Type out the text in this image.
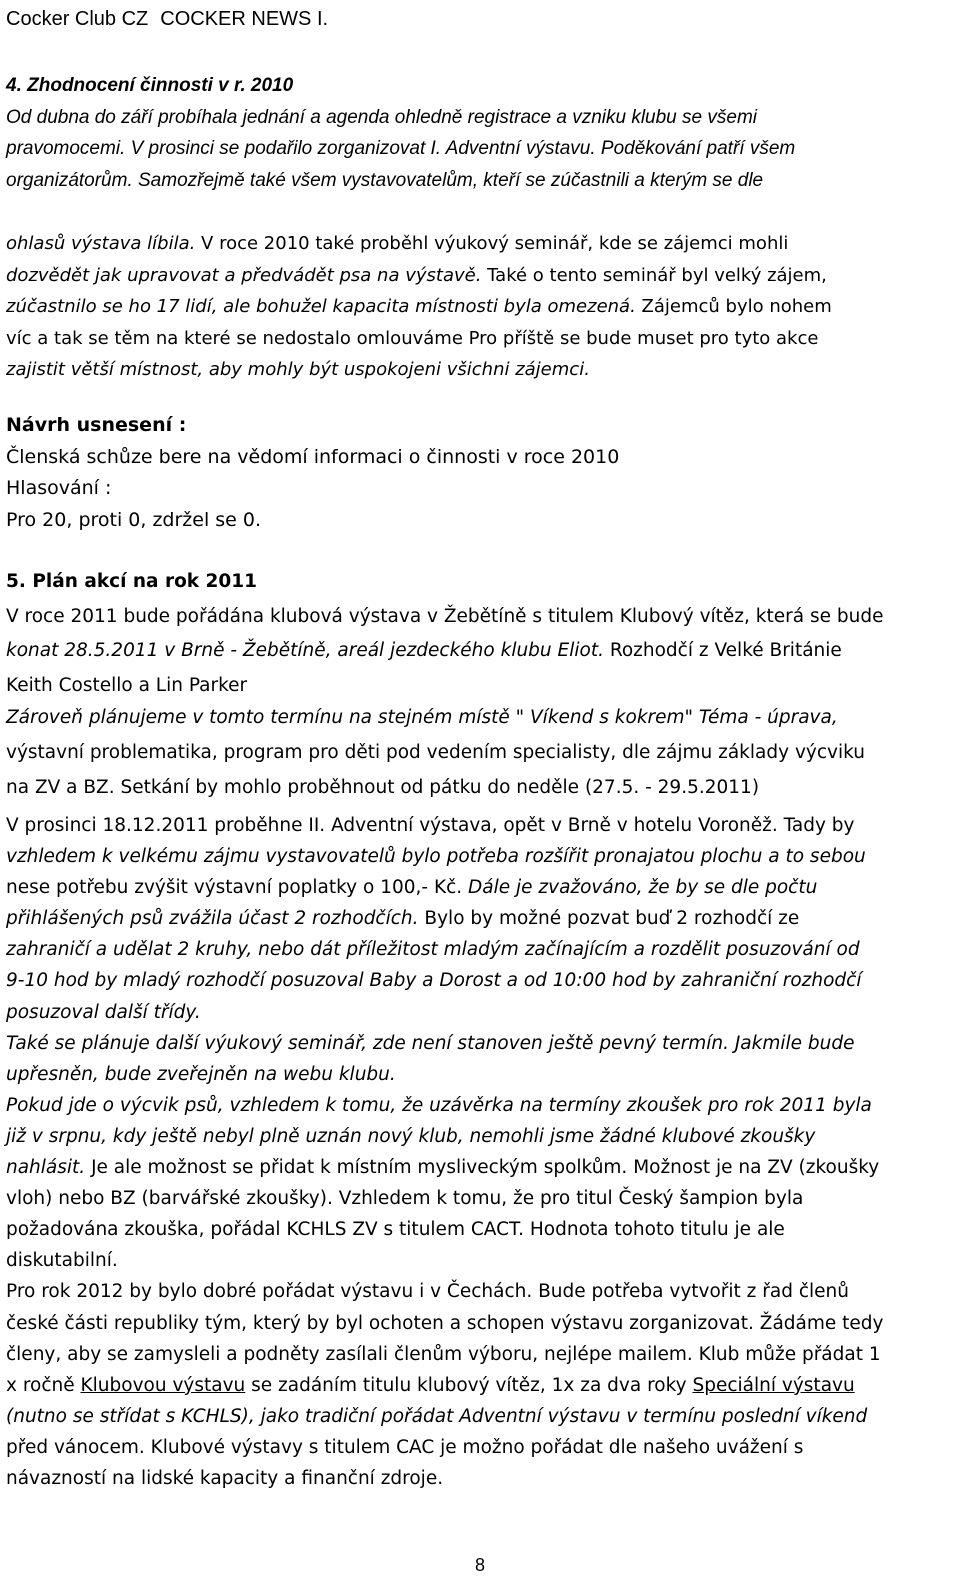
Cocker Club CZ COCKER NEWS I.

4. Zhodnocení činnosti v r. 2010

Od dubna do září probíhala jednání a agenda ohledně registrace a vzniku klubu se všemi

pravomocemi. V prosinci se podařilo zorganizovat I. Adventní výstavu. Poděkování patří všem

organizátorům. Samozřejmě také všem vystavovatelům, kteří se zúčastnili a kterým se dle

ohlasů výstava líbila. V roce 2010 také proběhl výukový seminář, kde se zájemci mohli

dozvědět jak upravovat a předvádět psa na výstavě. Také o tento seminář byl velký zájem,

zúčastnilo se ho 17 lidí, ale bohužel kapacita místnosti byla omezená. Zájemců bylo nohem

víc a tak se těm na které se nedostalo omlouváme Pro příště se bude muset pro tyto akce

zajistit větší místnost, aby mohly být uspokojeni všichni zájemci.

Návrh usnesení :

Členská schůze bere na vědomí informaci o činnosti v roce 2010

Hlasování :

Pro 20, proti 0, zdržel se 0.

5. Plán akcí na rok 2011

V roce 2011 bude pořádána klubová výstava v Žebětíně s titulem Klubový vítěz, která se bude

konat 28.5.2011 v Brně - Žebětíně, areál jezdeckého klubu Eliot. Rozhodčí z Velké Británie

Keith Costello a Lin Parker

Zároveň plánujeme v tomto termínu na stejném místě " Víkend s kokrem" Téma - úprava,

výstavní problematika, program pro děti pod vedením specialisty, dle zájmu základy výcviku

na ZV a BZ. Setkání by mohlo proběhnout od pátku do neděle (27.5. - 29.5.2011)

V prosinci 18.12.2011 proběhne II. Adventní výstava, opět v Brně v hotelu Voroněž. Tady by

vzhledem k velkému zájmu vystavovatelů bylo potřeba rozšířit pronajatou plochu a to sebou

nese potřebu zvýšit výstavní poplatky o 100,- Kč. Dále je zvažováno, že by se dle počtu

přihlášených psů zvážila účast 2 rozhodčích. Bylo by možné pozvat buď 2 rozhodčí ze

zahraničí a udělat 2 kruhy, nebo dát příležitost mladým začínajícím a rozdělit posuzování od

9-10 hod by mladý rozhodčí posuzoval Baby a Dorost a od 10:00 hod by zahraniční rozhodčí

posuzoval další třídy.

Také se plánuje další výukový seminář, zde není stanoven ještě pevný termín. Jakmile bude

upřesněn, bude zveřejněn na webu klubu.

Pokud jde o výcvik psů, vzhledem k tomu, že uzávěrka na termíny zkoušek pro rok 2011 byla

již v srpnu, kdy ještě nebyl plně uznán nový klub, nemohli jsme žádné klubové zkoušky

nahlásit. Je ale možnost se přidat k místním mysliveckým spolkům. Možnost je na ZV (zkoušky

vloh) nebo BZ (barvářské zkoušky). Vzhledem k tomu, že pro titul Český šampion byla

požadována zkouška, pořádal KCHLS ZV s titulem CACT. Hodnota tohoto titulu je ale

diskutabilní.

Pro rok 2012 by bylo dobré pořádat výstavu i v Čechách. Bude potřeba vytvořit z řad členů

české části republiky tým, který by byl ochoten a schopen výstavu zorganizovat. Žádáme tedy

členy, aby se zamysleli a podněty zasílali členům výboru, nejlépe mailem. Klub může přádat 1

x ročně Klubovou výstavu se zadáním titulu klubový vítěz, 1x za dva roky Speciální výstavu

(nutno se střídat s KCHLS), jako tradiční pořádat Adventní výstavu v termínu poslední víkend

před vánocem. Klubové výstavy s titulem CAC je možno pořádat dle našeho uvážení s

návazností na lidské kapacity a finanční zdroje.

8
